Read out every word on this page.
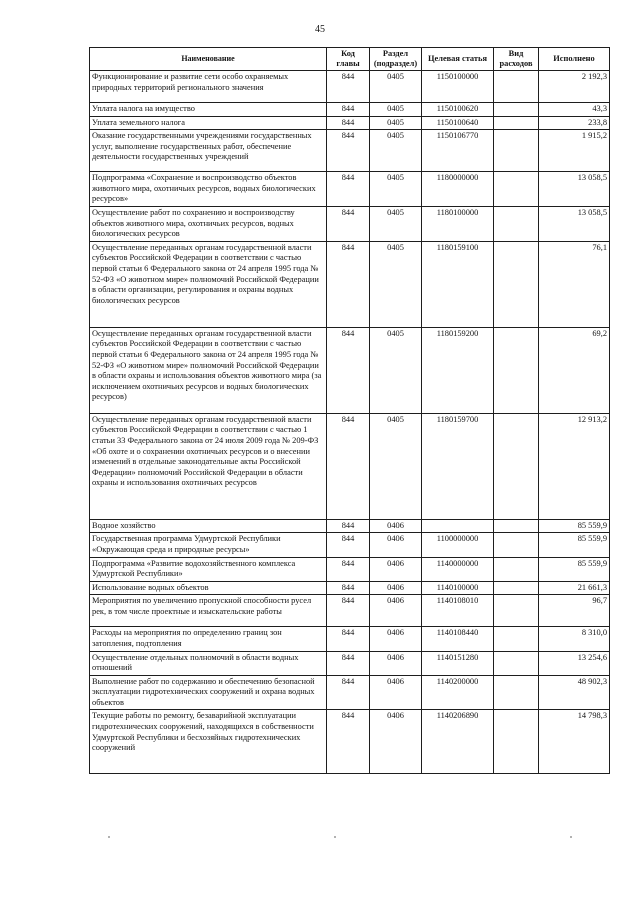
45
Наименование	Код главы	Раздел (подраздел)	Целевая статья	Вид расходов	Исполнено
Функционирование и развитие сети особо охраняемых природных территорий регионального значения	844	0405	1150100000		2 192,3
Уплата налога на имущество	844	0405	1150100620		43,3
Уплата земельного налога	844	0405	1150100640		233,8
Оказание государственными учреждениями государственных услуг, выполнение государственных работ, обеспечение деятельности государственных учреждений	844	0405	1150106770		1 915,2
Подпрограмма «Сохранение и воспроизводство объектов животного мира, охотничьих ресурсов, водных биологических ресурсов»	844	0405	1180000000		13 058,5
Осуществление работ по сохранению и воспроизводству объектов животного мира, охотничьих ресурсов, водных биологических ресурсов	844	0405	1180100000		13 058,5
Осуществление переданных органам государственной власти субъектов Российской Федерации в соответствии с частью первой статьи 6 Федерального закона от 24 апреля 1995 года № 52-ФЗ «О животном мире» полномочий Российской Федерации в области организации, регулирования и охраны водных биологических ресурсов	844	0405	1180159100		76,1
Осуществление переданных органам государственной власти субъектов Российской Федерации в соответствии с частью первой статьи 6 Федерального закона от 24 апреля 1995 года № 52-ФЗ «О животном мире» полномочий Российской Федерации в области охраны и использования объектов животного мира (за исключением охотничьих ресурсов и водных биологических ресурсов)	844	0405	1180159200		69,2
Осуществление переданных органам государственной власти субъектов Российской Федерации в соответствии с частью 1 статьи 33 Федерального закона от 24 июля 2009 года № 209-ФЗ «Об охоте и о сохранении охотничьих ресурсов и о внесении изменений в отдельные законодательные акты Российской Федерации» полномочий Российской Федерации в области охраны и использования охотничьих ресурсов	844	0405	1180159700		12 913,2
Водное хозяйство	844	0406			85 559,9
Государственная программа Удмуртской Республики «Окружающая среда и природные ресурсы»	844	0406	1100000000		85 559,9
Подпрограмма «Развитие водохозяйственного комплекса Удмуртской Республики»	844	0406	1140000000		85 559,9
Использование водных объектов	844	0406	1140100000		21 661,3
Мероприятия по увеличению пропускной способности русел рек, в том числе проектные и изыскательские работы	844	0406	1140108010		96,7
Расходы на мероприятия по определению границ зон затопления, подтопления	844	0406	1140108440		8 310,0
Осуществление отдельных полномочий в области водных отношений	844	0406	1140151280		13 254,6
Выполнение работ по содержанию и обеспечению безопасной эксплуатации гидротехнических сооружений и охрана водных объектов	844	0406	1140200000		48 902,3
Текущие работы по ремонту, безаварийной эксплуатации гидротехнических сооружений, находящихся в собственности Удмуртской Республики и бесхозяйных гидротехнических сооружений	844	0406	1140206890		14 798,3
